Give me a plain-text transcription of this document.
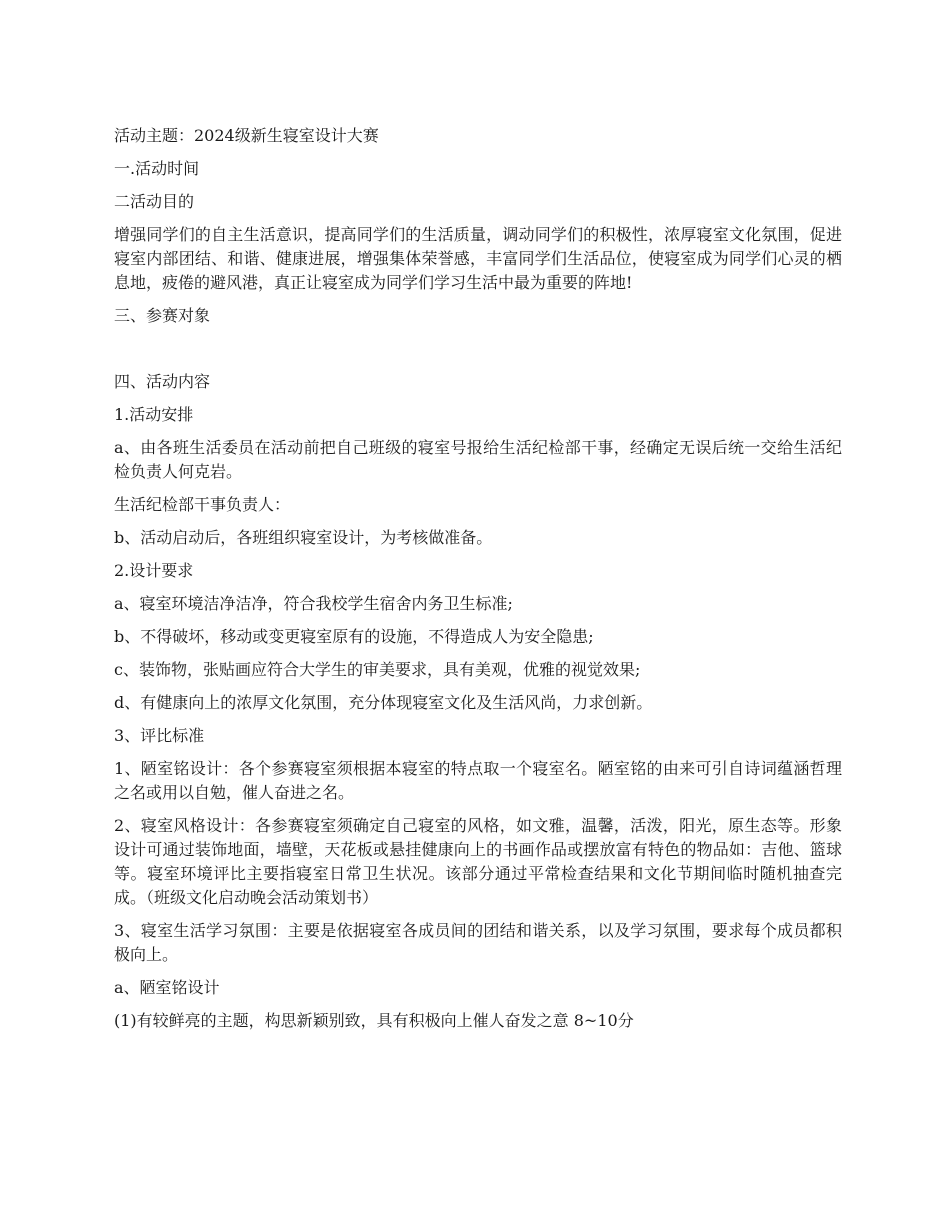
活动主题：2024级新生寝室设计大赛

一.活动时间

二活动目的

增强同学们的自主生活意识，提高同学们的生活质量，调动同学们的积极性，浓厚寝室文化氛围，促进寝室内部团结、和谐、健康进展，增强集体荣誉感，丰富同学们生活品位，使寝室成为同学们心灵的栖息地，疲倦的避风港，真正让寝室成为同学们学习生活中最为重要的阵地!

三、参赛对象

四、活动内容

1.活动安排

a、由各班生活委员在活动前把自己班级的寝室号报给生活纪检部干事，经确定无误后统一交给生活纪检负责人何克岩。

生活纪检部干事负责人：

b、活动启动后，各班组织寝室设计，为考核做准备。

2.设计要求

a、寝室环境洁净洁净，符合我校学生宿舍内务卫生标准;

b、不得破坏，移动或变更寝室原有的设施，不得造成人为安全隐患;

c、装饰物，张贴画应符合大学生的审美要求，具有美观，优雅的视觉效果;

d、有健康向上的浓厚文化氛围，充分体现寝室文化及生活风尚，力求创新。

3、评比标准

1、陋室铭设计：各个参赛寝室须根据本寝室的特点取一个寝室名。陋室铭的由来可引自诗词蕴涵哲理之名或用以自勉，催人奋进之名。

2、寝室风格设计：各参赛寝室须确定自己寝室的风格，如文雅，温馨，活泼，阳光，原生态等。形象设计可通过装饰地面，墙壁，天花板或悬挂健康向上的书画作品或摆放富有特色的物品如：吉他、篮球等。寝室环境评比主要指寝室日常卫生状况。该部分通过平常检查结果和文化节期间临时随机抽查完成。（班级文化启动晚会活动策划书）

3、寝室生活学习氛围：主要是依据寝室各成员间的团结和谐关系，以及学习氛围，要求每个成员都积极向上。

a、陋室铭设计

(1)有较鲜亮的主题，构思新颖别致，具有积极向上催人奋发之意 8~10分
